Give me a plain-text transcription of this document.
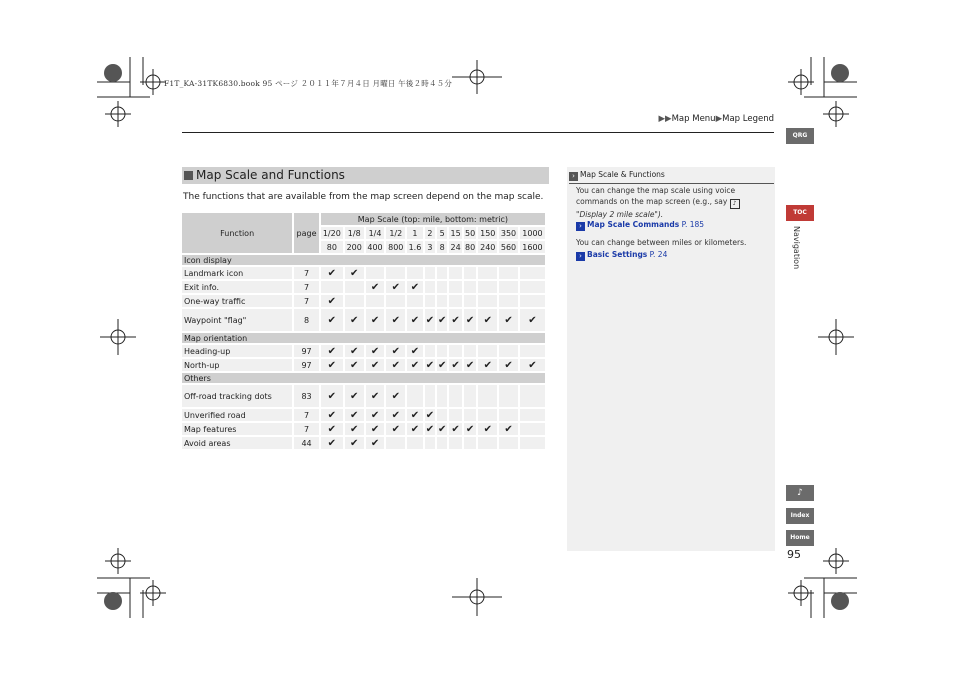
F1T_KA-31TK6830.book 95 ページ ２０１１年７月４日 月曜日 午後２時４５分
▶▶Map Menu▶Map Legend
Map Scale and Functions
The functions that are available from the map screen depend on the map scale.
Function	page	Map Scale (top: mile, bottom: metric)											
		1/20	1/8	1/4	1/2	1	2	5	15	50	150	350	1000
		80	200	400	800	1.6	3	8	24	80	240	560	1600
Icon display													
Landmark icon	7	✔	✔										
Exit info.	7			✔	✔	✔							
One-way traffic	7	✔											
Waypoint "flag"	8	✔	✔	✔	✔	✔	✔	✔	✔	✔	✔	✔	✔
Map orientation													
Heading-up	97	✔	✔	✔	✔	✔							
North-up	97	✔	✔	✔	✔	✔	✔	✔	✔	✔	✔	✔	✔
Others													
Off-road tracking dots	83	✔	✔	✔	✔								
Unverified road	7	✔	✔	✔	✔	✔	✔						
Map features	7	✔	✔	✔	✔	✔	✔	✔	✔	✔	✔	✔	
Avoid areas	44	✔	✔	✔									
› Map Scale & Functions
You can change the map scale using voice commands on the map screen (e.g., say ♪
"Display 2 mile scale").
› Map Scale Commands P. 185
You can change between miles or kilometers.
› Basic Settings P. 24
QRG
TOC
Navigation
♪
Index
Home
95
